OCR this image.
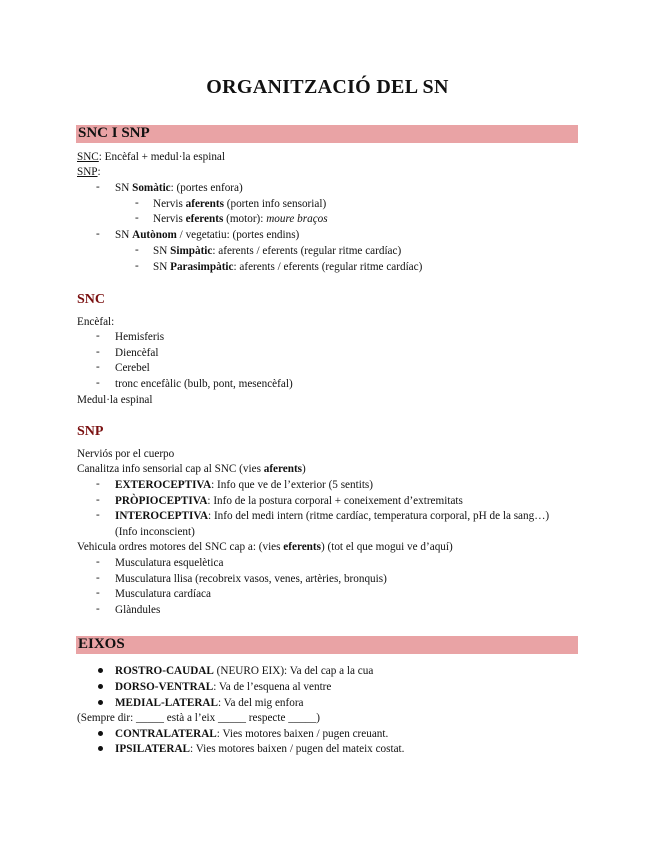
ORGANITZACIÓ DEL SN
SNC I SNP
SNC: Encèfal + medul·la espinal
SNP:
- SN Somàtic: (portes enfora)
- Nervis aferents (porten info sensorial)
- Nervis eferents (motor): moure braços
- SN Autònom / vegetatiu: (portes endins)
- SN Simpàtic: aferents / eferents (regular ritme cardíac)
- SN Parasimpàtic: aferents / eferents (regular ritme cardíac)
SNC
Encèfal:
- Hemisferis
- Diencèfal
- Cerebel
- tronc encefàlic (bulb, pont, mesencèfal)
Medul·la espinal
SNP
Nerviós por el cuerpo
Canalitza info sensorial cap al SNC (vies aferents)
- EXTEROCEPTIVA: Info que ve de l’exterior (5 sentits)
- PRÒPIOCEPTIVA: Info de la postura corporal + coneixement d’extremitats
- INTEROCEPTIVA: Info del medi intern (ritme cardíac, temperatura corporal, pH de la sang…)
(Info inconscient)
Vehicula ordres motores del SNC cap a: (vies eferents) (tot el que mogui ve d’aquí)
- Musculatura esquelètica
- Musculatura llisa (recobreix vasos, venes, artèries, bronquis)
- Musculatura cardíaca
- Glàndules
EIXOS
ROSTRO-CAUDAL (NEURO EIX): Va del cap a la cua
DORSO-VENTRAL: Va de l’esquena al ventre
MEDIAL-LATERAL: Va del mig enfora
(Sempre dir: _____ està a l’eix _____ respecte _____)
CONTRALATERAL: Vies motores baixen / pugen creuant.
IPSILATERAL: Vies motores baixen / pugen del mateix costat.
